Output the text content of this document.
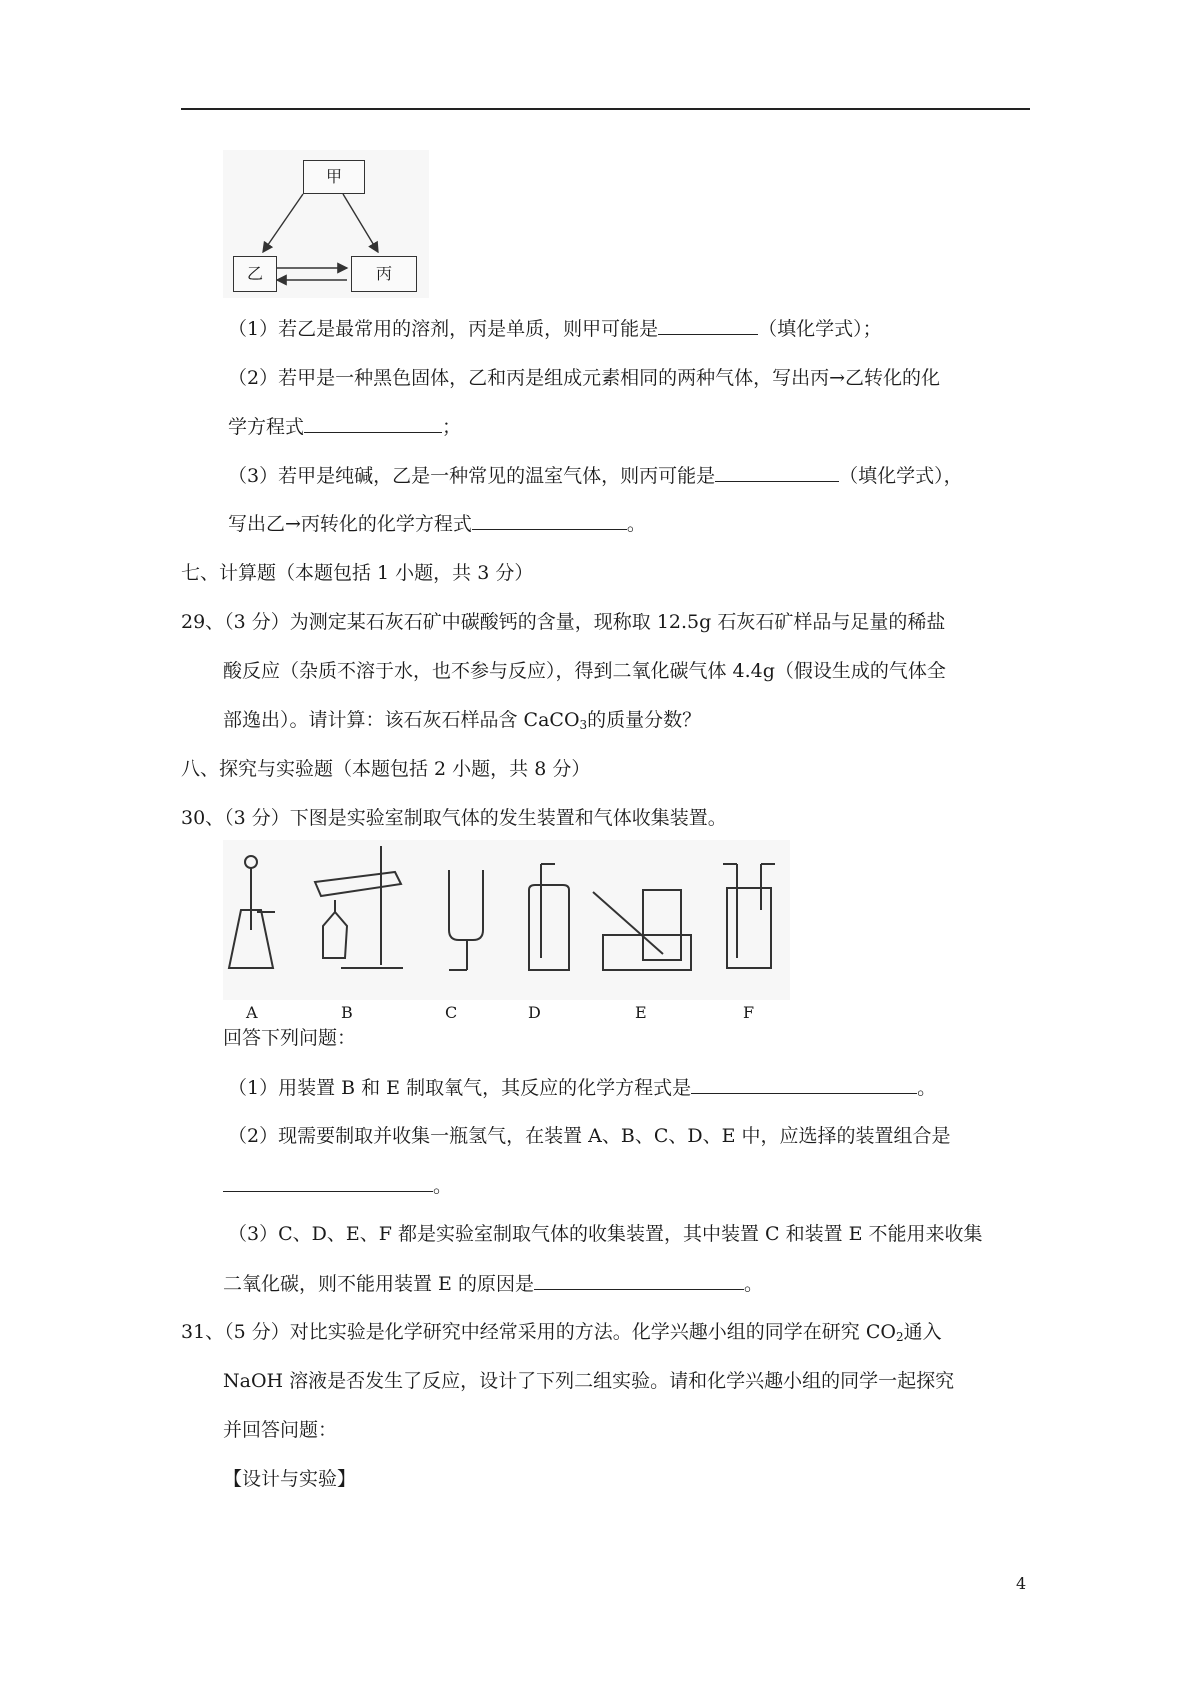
甲
乙	丙
（1）若乙是最常用的溶剂，丙是单质，则甲可能是	（填化学式）；
（2）若甲是一种黑色固体，乙和丙是组成元素相同的两种气体，写出丙→乙转化的化
学方程式	；
（3）若甲是纯碱，乙是一种常见的温室气体，则丙可能是	（填化学式），
写出乙→丙转化的化学方程式	。
七、计算题（本题包括 1 小题，共 3 分）
29、（3 分）为测定某石灰石矿中碳酸钙的含量，现称取 12.5g 石灰石矿样品与足量的稀盐
酸反应（杂质不溶于水，也不参与反应），得到二氧化碳气体 4.4g（假设生成的气体全
部逸出）。请计算：该石灰石样品含 CaCO$_3$的质量分数？
八、探究与实验题（本题包括 2 小题，共 8 分）
30、（3 分）下图是实验室制取气体的发生装置和气体收集装置。
A	B	C	D	E	F
回答下列问题：
（1）用装置 B 和 E 制取氧气，其反应的化学方程式是	。
（2）现需要制取并收集一瓶氢气，在装置 A、B、C、D、E 中，应选择的装置组合是
。
（3）C、D、E、F 都是实验室制取气体的收集装置，其中装置 C 和装置 E 不能用来收集
二氧化碳，则不能用装置 E 的原因是	。
31、（5 分）对比实验是化学研究中经常采用的方法。化学兴趣小组的同学在研究 $CO_2$通入
NaOH 溶液是否发生了反应，设计了下列二组实验。请和化学兴趣小组的同学一起探究
并回答问题：
【设计与实验】
4
